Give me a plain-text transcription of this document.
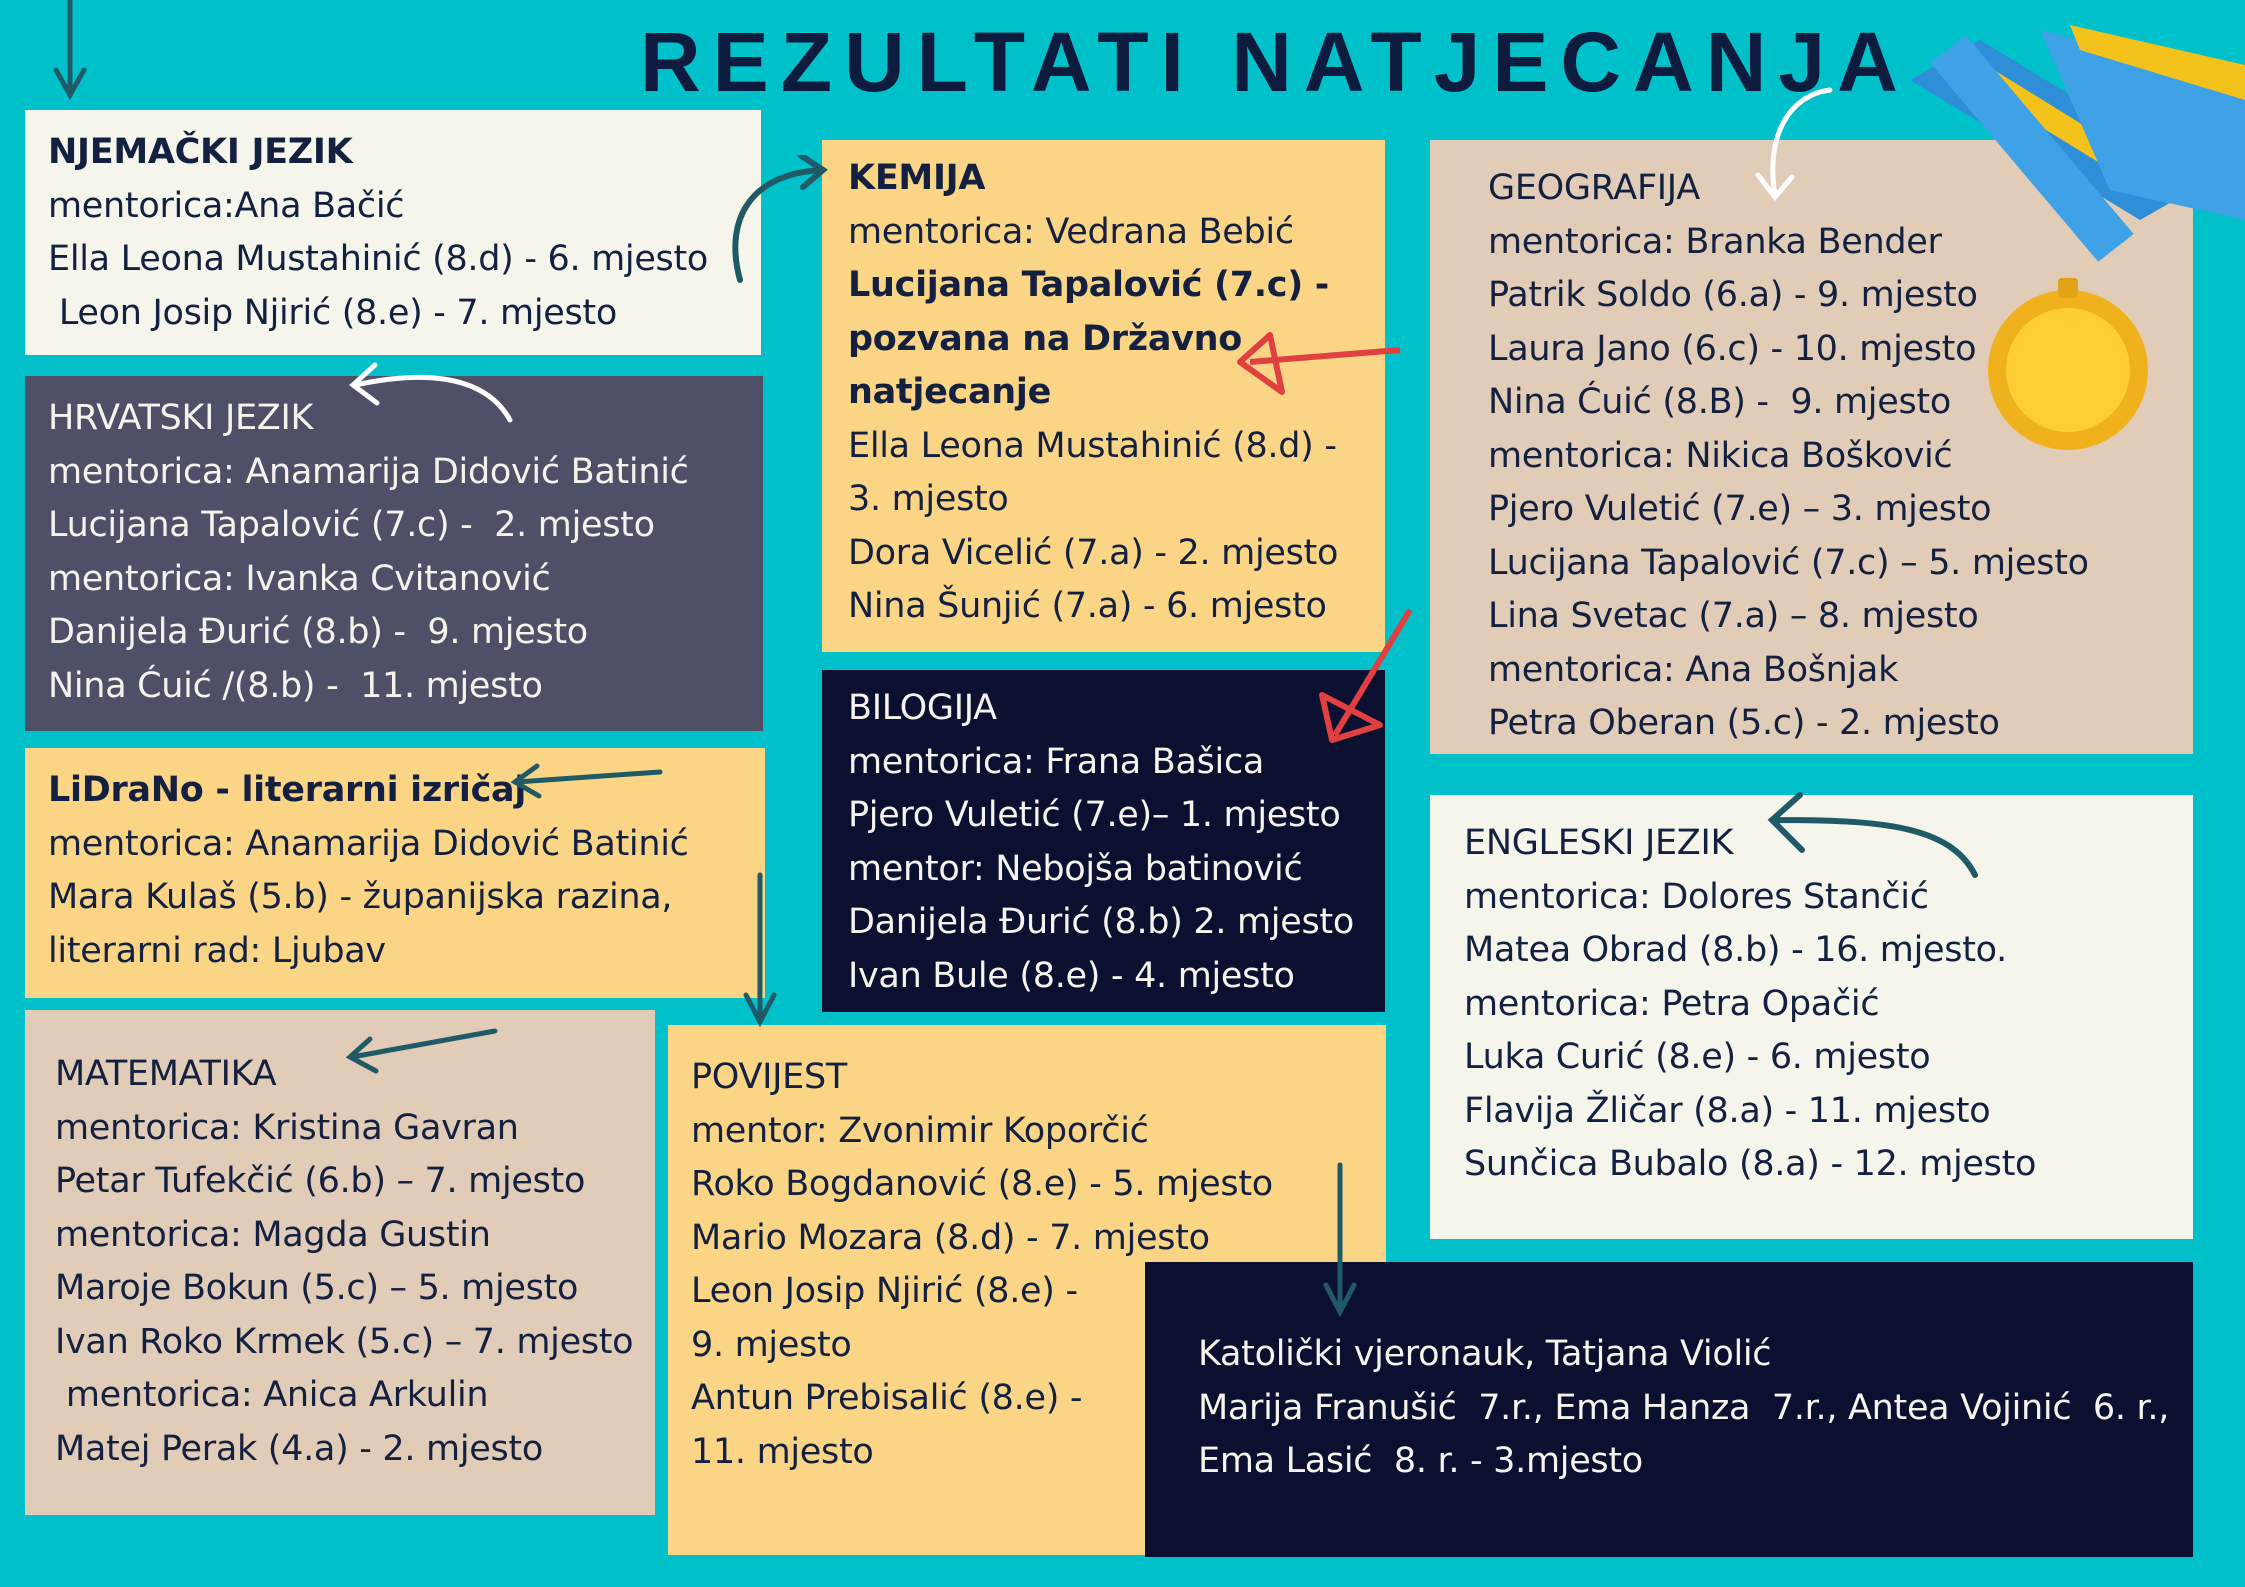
REZULTATI NATJECANJA
NJEMAČKI JEZIK
mentorica:Ana Bačić
Ella Leona Mustahinić (8.d) - 6. mjesto
Leon Josip Njirić (8.e) - 7. mjesto
HRVATSKI JEZIK
mentorica: Anamarija Didović Batinić
Lucijana Tapalović (7.c) -  2. mjesto
mentorica: Ivanka Cvitanović
Danijela Đurić (8.b) -  9. mjesto
Nina Ćuić /(8.b) -  11. mjesto
LiDraNo - literarni izričaj
mentorica: Anamarija Didović Batinić
Mara Kulaš (5.b) - županijska razina,
literarni rad: Ljubav
MATEMATIKA
mentorica: Kristina Gavran
Petar Tufekčić (6.b) – 7. mjesto
mentorica: Magda Gustin
Maroje Bokun (5.c) – 5. mjesto
Ivan Roko Krmek (5.c) – 7. mjesto
mentorica: Anica Arkulin
Matej Perak (4.a) - 2. mjesto
KEMIJA
mentorica: Vedrana Bebić
Lucijana Tapalović (7.c) -
pozvana na Državno
natjecanje
Ella Leona Mustahinić (8.d) -
3. mjesto
Dora Vicelić (7.a) - 2. mjesto
Nina Šunjić (7.a) - 6. mjesto
BILOGIJA
mentorica: Frana Bašica
Pjero Vuletić (7.e)– 1. mjesto
mentor: Nebojša batinović
Danijela Đurić (8.b) 2. mjesto
Ivan Bule (8.e) - 4. mjesto
POVIJEST
mentor: Zvonimir Koporčić
Roko Bogdanović (8.e) - 5. mjesto
Mario Mozara (8.d) - 7. mjesto
Leon Josip Njirić (8.e) -
9. mjesto
Antun Prebisalić (8.e) -
11. mjesto
GEOGRAFIJA
mentorica: Branka Bender
Patrik Soldo (6.a) - 9. mjesto
Laura Jano (6.c) - 10. mjesto
Nina Ćuić (8.B) -  9. mjesto
mentorica: Nikica Bošković
Pjero Vuletić (7.e) – 3. mjesto
Lucijana Tapalović (7.c) – 5. mjesto
Lina Svetac (7.a) – 8. mjesto
mentorica: Ana Bošnjak
Petra Oberan (5.c) - 2. mjesto
ENGLESKI JEZIK
mentorica: Dolores Stančić
Matea Obrad (8.b) - 16. mjesto.
mentorica: Petra Opačić
Luka Curić (8.e) - 6. mjesto
Flavija Žličar (8.a) - 11. mjesto
Sunčica Bubalo (8.a) - 12. mjesto
Katolički vjeronauk, Tatjana Violić
Marija Franušić  7.r., Ema Hanza  7.r., Antea Vojinić  6. r.,
Ema Lasić  8. r. - 3.mjesto
